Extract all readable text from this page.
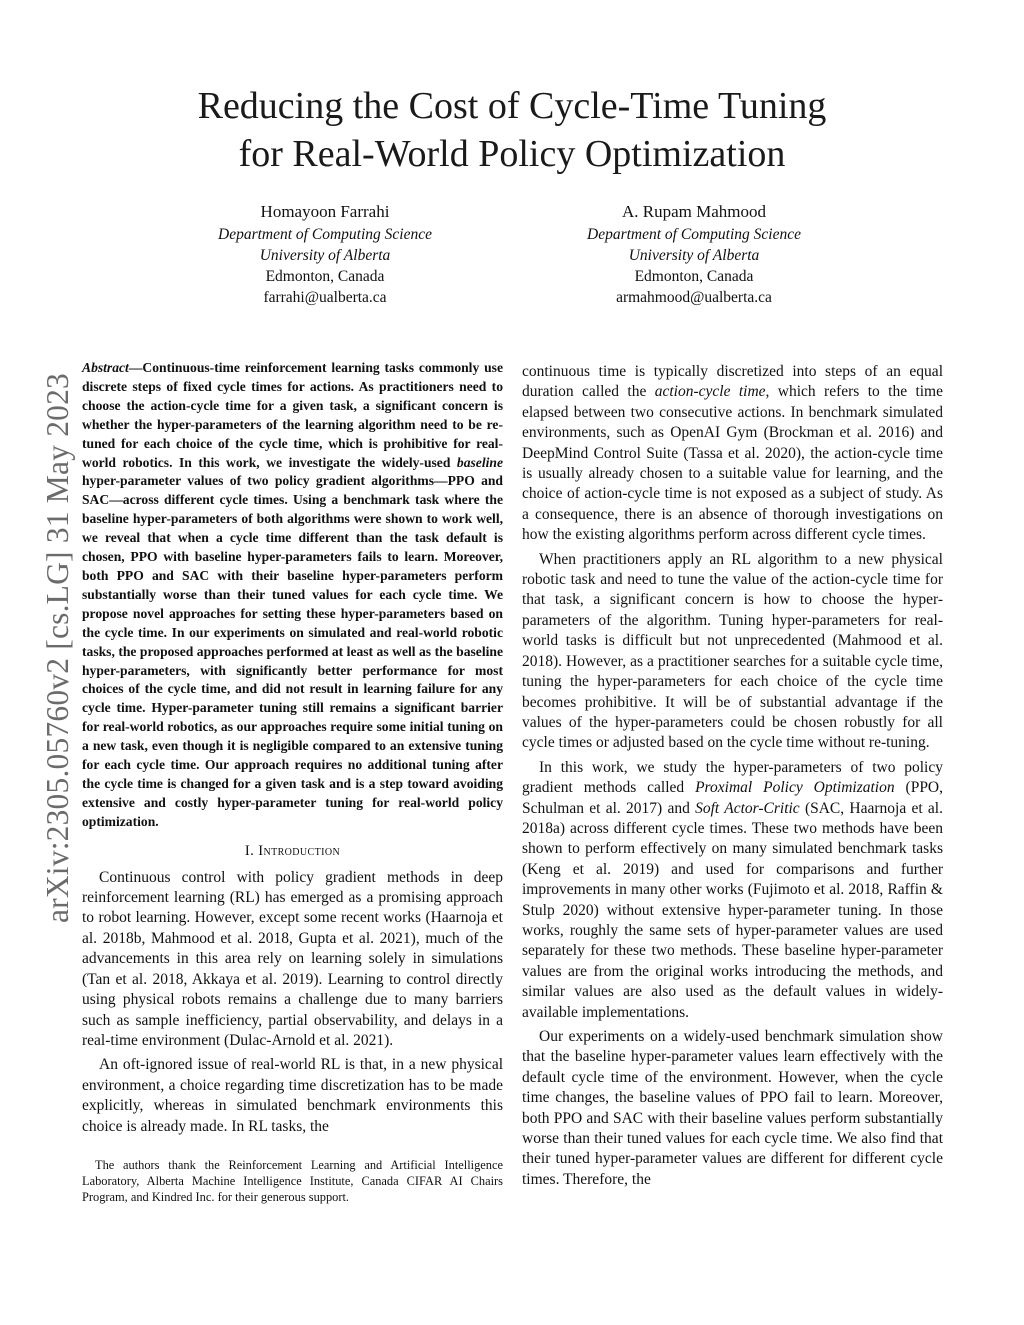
Reducing the Cost of Cycle-Time Tuning
for Real-World Policy Optimization
Homayoon Farrahi
Department of Computing Science
University of Alberta
Edmonton, Canada
farrahi@ualberta.ca
A. Rupam Mahmood
Department of Computing Science
University of Alberta
Edmonton, Canada
armahmood@ualberta.ca
arXiv:2305.05760v2 [cs.LG] 31 May 2023

Abstract—Continuous-time reinforcement learning tasks commonly use discrete steps of fixed cycle times for actions. As practitioners need to choose the action-cycle time for a given task, a significant concern is whether the hyper-parameters of the learning algorithm need to be re-tuned for each choice of the cycle time, which is prohibitive for real-world robotics. In this work, we investigate the widely-used baseline hyper-parameter values of two policy gradient algorithms—PPO and SAC—across different cycle times. Using a benchmark task where the baseline hyper-parameters of both algorithms were shown to work well, we reveal that when a cycle time different than the task default is chosen, PPO with baseline hyper-parameters fails to learn. Moreover, both PPO and SAC with their baseline hyper-parameters perform substantially worse than their tuned values for each cycle time. We propose novel approaches for setting these hyper-parameters based on the cycle time. In our experiments on simulated and real-world robotic tasks, the proposed approaches performed at least as well as the baseline hyper-parameters, with significantly better performance for most choices of the cycle time, and did not result in learning failure for any cycle time. Hyper-parameter tuning still remains a significant barrier for real-world robotics, as our approaches require some initial tuning on a new task, even though it is negligible compared to an extensive tuning for each cycle time. Our approach requires no additional tuning after the cycle time is changed for a given task and is a step toward avoiding extensive and costly hyper-parameter tuning for real-world policy optimization.

I. Introduction

Continuous control with policy gradient methods in deep reinforcement learning (RL) has emerged as a promising approach to robot learning. However, except some recent works (Haarnoja et al. 2018b, Mahmood et al. 2018, Gupta et al. 2021), much of the advancements in this area rely on learning solely in simulations (Tan et al. 2018, Akkaya et al. 2019). Learning to control directly using physical robots remains a challenge due to many barriers such as sample inefficiency, partial observability, and delays in a real-time environment (Dulac-Arnold et al. 2021).

An oft-ignored issue of real-world RL is that, in a new physical environment, a choice regarding time discretization has to be made explicitly, whereas in simulated benchmark environments this choice is already made. In RL tasks, the

The authors thank the Reinforcement Learning and Artificial Intelligence Laboratory, Alberta Machine Intelligence Institute, Canada CIFAR AI Chairs Program, and Kindred Inc. for their generous support.

continuous time is typically discretized into steps of an equal duration called the action-cycle time, which refers to the time elapsed between two consecutive actions. In benchmark simulated environments, such as OpenAI Gym (Brockman et al. 2016) and DeepMind Control Suite (Tassa et al. 2020), the action-cycle time is usually already chosen to a suitable value for learning, and the choice of action-cycle time is not exposed as a subject of study. As a consequence, there is an absence of thorough investigations on how the existing algorithms perform across different cycle times.

When practitioners apply an RL algorithm to a new physical robotic task and need to tune the value of the action-cycle time for that task, a significant concern is how to choose the hyper-parameters of the algorithm. Tuning hyper-parameters for real-world tasks is difficult but not unprecedented (Mahmood et al. 2018). However, as a practitioner searches for a suitable cycle time, tuning the hyper-parameters for each choice of the cycle time becomes prohibitive. It will be of substantial advantage if the values of the hyper-parameters could be chosen robustly for all cycle times or adjusted based on the cycle time without re-tuning.

In this work, we study the hyper-parameters of two policy gradient methods called Proximal Policy Optimization (PPO, Schulman et al. 2017) and Soft Actor-Critic (SAC, Haarnoja et al. 2018a) across different cycle times. These two methods have been shown to perform effectively on many simulated benchmark tasks (Keng et al. 2019) and used for comparisons and further improvements in many other works (Fujimoto et al. 2018, Raffin & Stulp 2020) without extensive hyper-parameter tuning. In those works, roughly the same sets of hyper-parameter values are used separately for these two methods. These baseline hyper-parameter values are from the original works introducing the methods, and similar values are also used as the default values in widely-available implementations.

Our experiments on a widely-used benchmark simulation show that the baseline hyper-parameter values learn effectively with the default cycle time of the environment. However, when the cycle time changes, the baseline values of PPO fail to learn. Moreover, both PPO and SAC with their baseline values perform substantially worse than their tuned values for each cycle time. We also find that their tuned hyper-parameter values are different for different cycle times. Therefore, the
